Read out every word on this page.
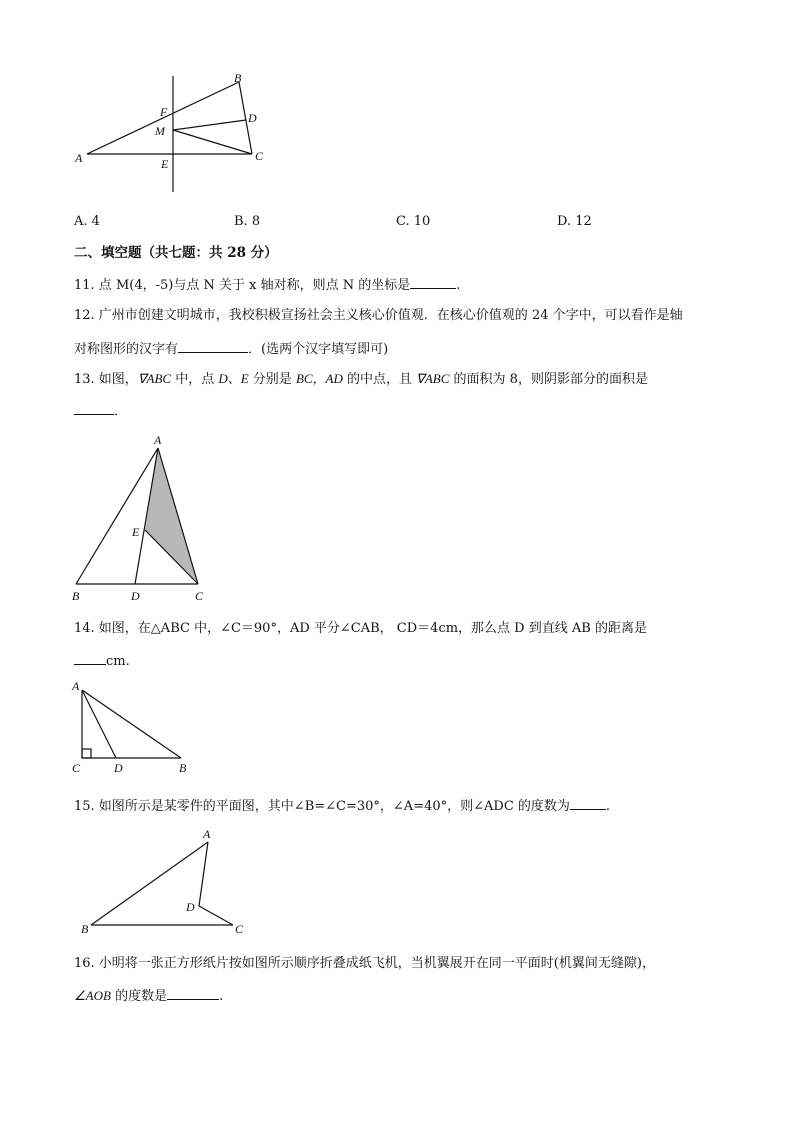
A
B
C
D
E
F
M
A. 4	B. 8	C. 10	D. 12
二、填空题（共七题：共 28 分）
11. 点 M(4，-5)与点 N 关于 x 轴对称，则点 N 的坐标是	.
12. 广州市创建文明城市，我校积极宣扬社会主义核心价值观．在核心价值观的 24 个字中，可以看作是轴
对称图形的汉字有	．(选两个汉字填写即可)
13. 如图，∇ABC 中，点 D、E 分别是 BC，AD 的中点，且 ∇ABC 的面积为 8，则阴影部分的面积是
．
A
B	C
D
E
14. 如图，在△ABC 中，∠C＝90°，AD 平分∠CAB， CD＝4cm，那么点 D 到直线 AB 的距离是
cm.
A
C	D	B
15. 如图所示是某零件的平面图，其中∠B=∠C=30°，∠A=40°，则∠ADC 的度数为	.
A
B	C
D
16. 小明将一张正方形纸片按如图所示顺序折叠成纸飞机，当机翼展开在同一平面时(机翼间无缝隙)，
∠AOB 的度数是	.
